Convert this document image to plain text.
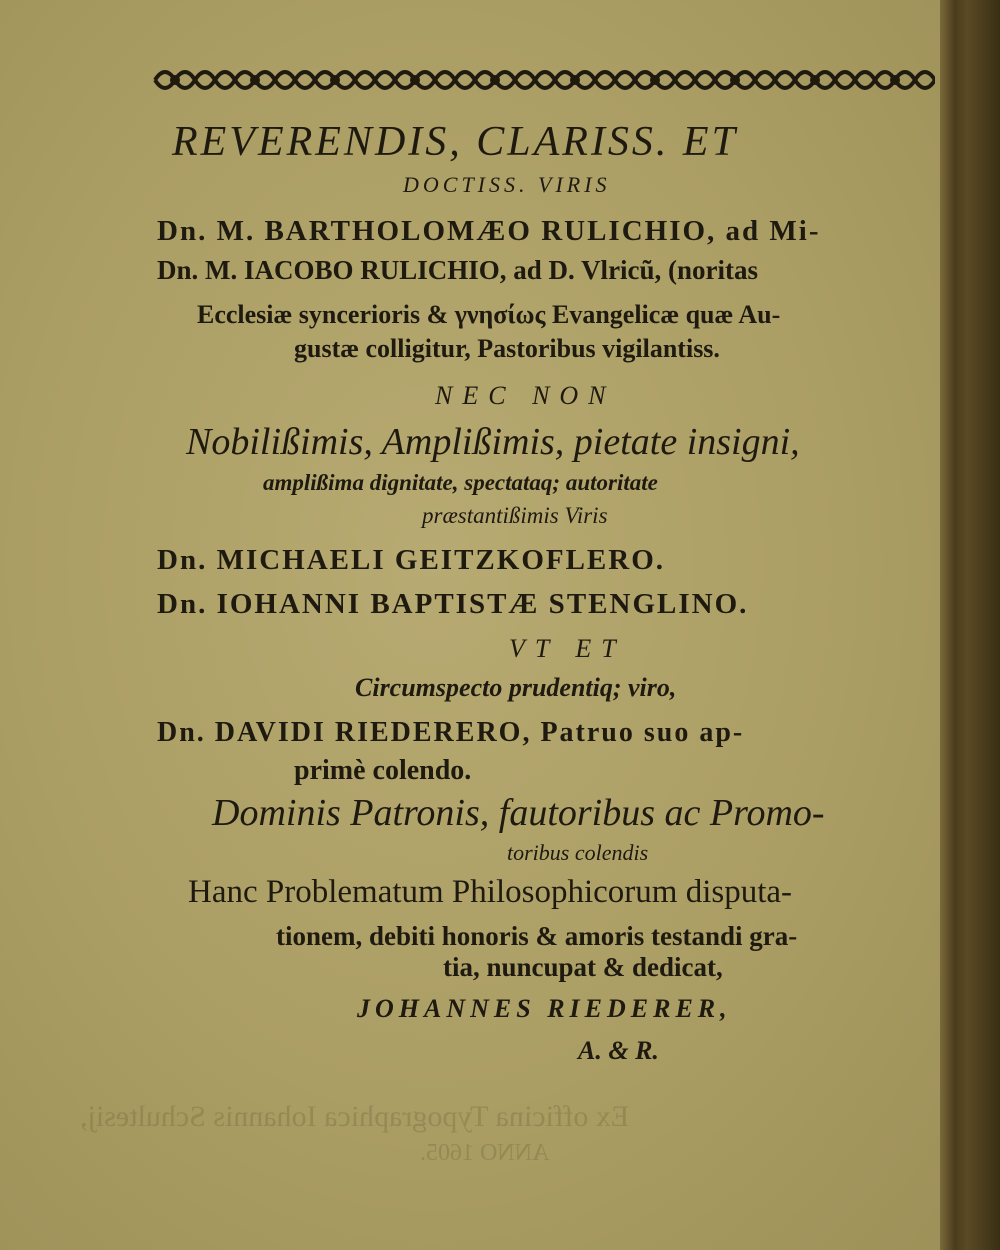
Ex officina Typographica Iohannis Schultesij,
ANNO 1605.
REVERENDIS, CLARISS. ET
DOCTISS. VIRIS
Dn. M. BARTHOLOMÆO RULICHIO, ad Mi-
Dn. M. IACOBO RULICHIO, ad D. Vlricũ, (noritas
Ecclesiæ syncerioris & γνησίως Evangelicæ quæ Au-
gustæ colligitur, Pastoribus vigilantiss.
NEC NON
Nobilißimis, Amplißimis, pietate insigni,
amplißima dignitate, spectataq; autoritate
præstantißimis Viris
Dn. MICHAELI GEITZKOFLERO.
Dn. IOHANNI BAPTISTÆ STENGLINO.
VT ET
Circumspecto prudentiq; viro,
Dn. DAVIDI RIEDERERO, Patruo suo ap-
primè colendo.
Dominis Patronis, fautoribus ac Promo-
toribus colendis
Hanc Problematum Philosophicorum disputa-
tionem, debiti honoris & amoris testandi gra-
tia, nuncupat & dedicat,
JOHANNES RIEDERER,
A. & R.
